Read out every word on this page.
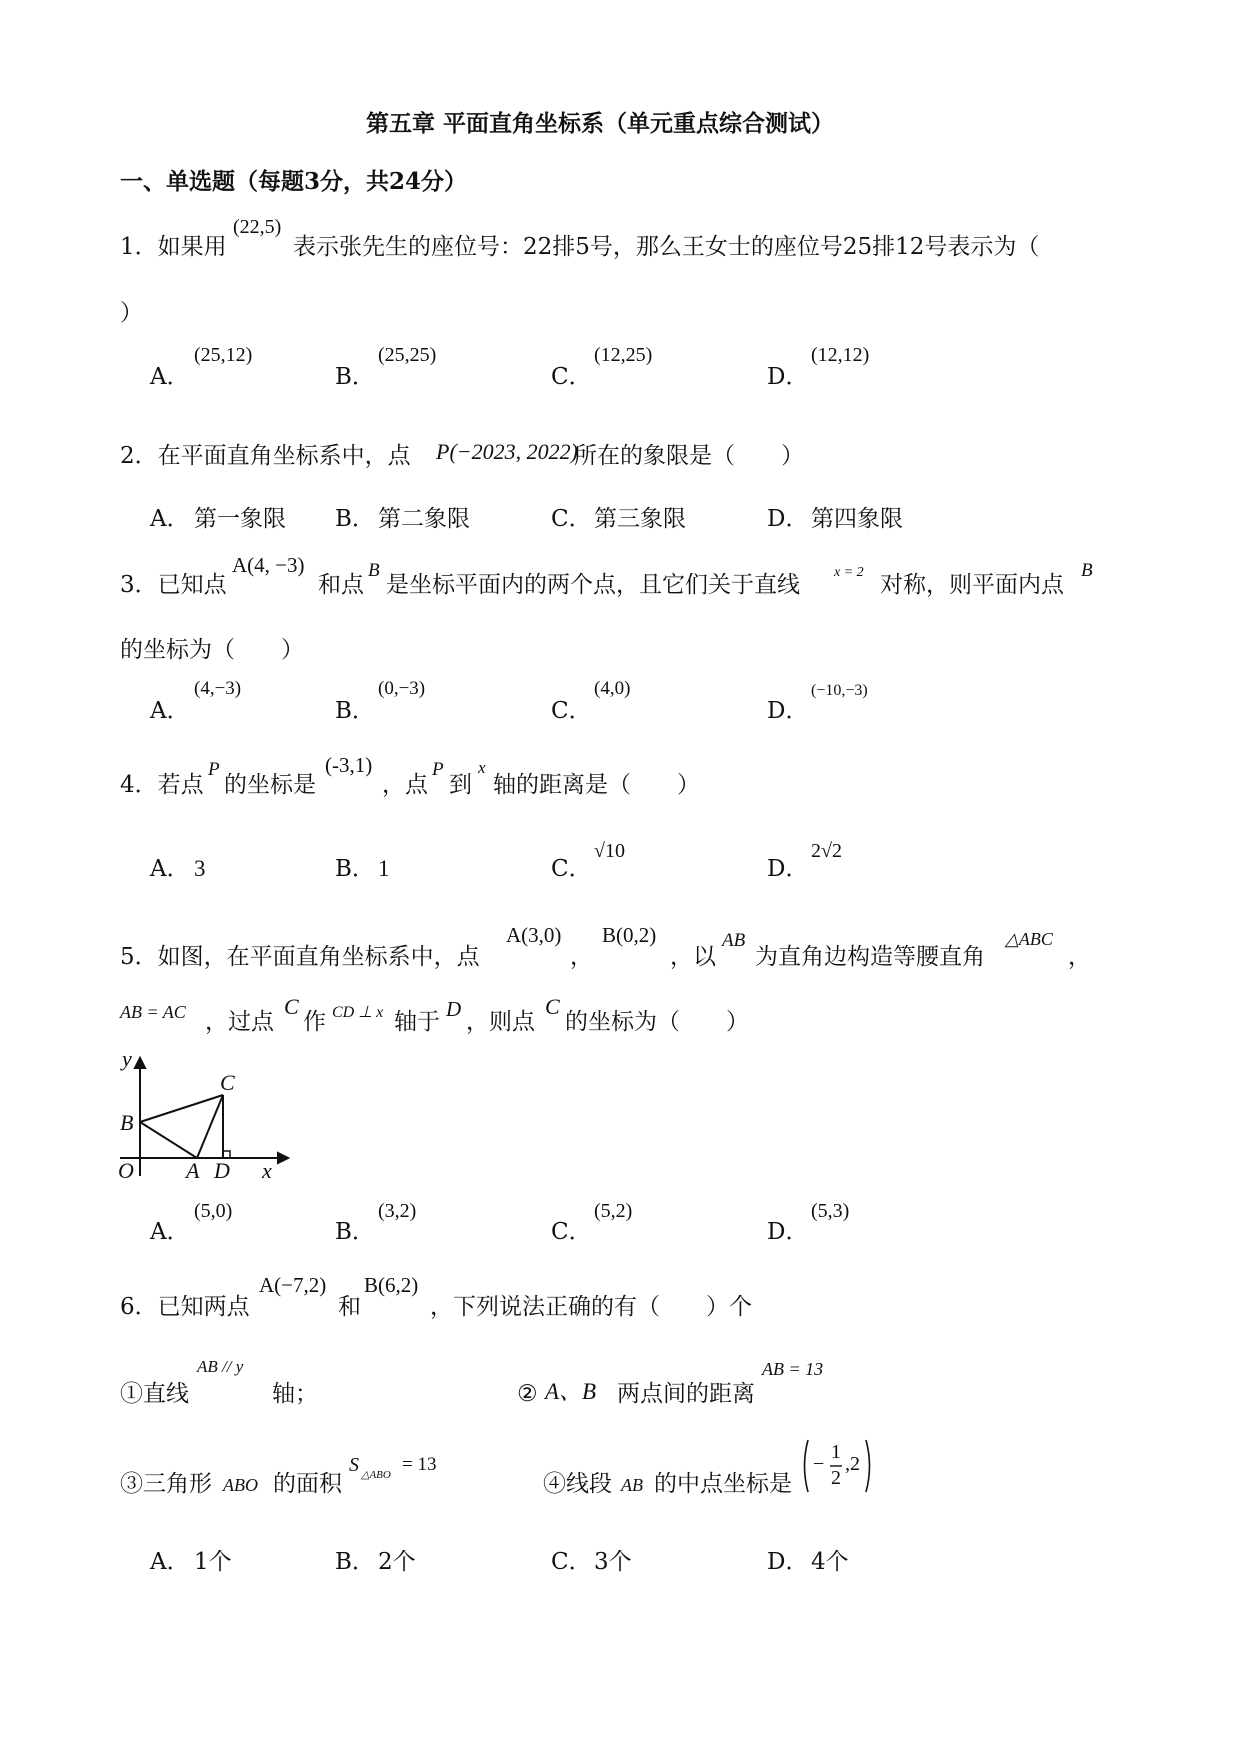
第五章 平面直角坐标系（单元重点综合测试）
一、单选题（每题3分，共24分）
1．如果用
(22,5)
表示张先生的座位号：22排5号，那么王女士的座位号25排12号表示为（
）
A．
(25,12)
B．
(25,25)
C．
(12,25)
D．
(12,12)
2．在平面直角坐标系中，点 P(−2023, 2022)
所在的象限是（　　）
A． 第一象限 B． 第二象限	C． 第三象限	D． 第四象限
3．已知点
A(4, −3)
和点
B
是坐标平面内的两个点，且它们关于直线 x = 2 对称，则平面内点
B
的坐标为（　　）
A．
(4,−3)
B．
(0,−3)
C．
(4,0)
D．
(−10,−3)
4．若点
P
的坐标是
(-3,1)
，点
P
到
x
轴的距离是（　　）
A． 3	B． 1	C．
√10
D．
2√2
5．如图，在平面直角坐标系中，点
A(3,0)
，
B(0,2)
，以
AB
为直角边构造等腰直角
△ABC
，
AB = AC ，过点
C
作 CD ⊥ x 轴于 D ，则点
C
的坐标为（　　）
y
x
O A
B
C
D
A．
(5,0)
B．
(3,2)
C．
(5,2)
D．
(5,3)
6．已知两点
A(−7,2)
和
B(6,2)
，下列说法正确的有（　　）个
①直线
AB // y
轴；	② A、B 两点间的距离
AB = 13
③三角形 ABO 的面积
S △ABO = 13
④线段 AB 的中点坐标是
−
1
2
,2
A． 1个	B． 2个	C． 3个	D． 4个
